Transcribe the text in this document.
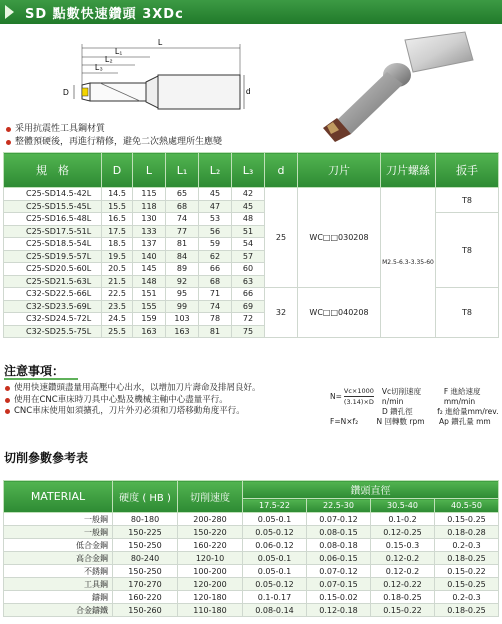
SD 點數快速鑽頭 3XDc
L
L₁
L₂
L₃
D	d
采用抗震性工具鋼材質
整體預硬後，再進行精修，避免二次熱處理所生應變
規　格	D	L	L₁	L₂	L₃	d	刀片	刀片螺絲	扳手
C25-SD14.5-42L	14.5	115	65	45	42	25	WC□□030208	M2.5-6.3-3.35-60	T8
C25-SD15.5-45L	15.5	118	68	47	45				
C25-SD16.5-48L	16.5	130	74	53	48				T8
C25-SD17.5-51L	17.5	133	77	56	51				
C25-SD18.5-54L	18.5	137	81	59	54				
C25-SD19.5-57L	19.5	140	84	62	57				
C25-SD20.5-60L	20.5	145	89	66	60				
C25-SD21.5-63L	21.5	148	92	68	63				
C32-SD22.5-66L	22.5	151	95	71	66	32	WC□□040208		T8
C32-SD23.5-69L	23.5	155	99	74	69				
C32-SD24.5-72L	24.5	159	103	78	72				
C32-SD25.5-75L	25.5	163	163	81	75				
注意事項：
使用快速鑽頭盡量用高壓中心出水，以增加刀片壽命及排屑良好。
使用在CNC車床時刀具中心點及機械主軸中心盡量平行。
CNC車床使用如須擴孔，刀片外刃必須和刀塔移動角度平行。
$N= \frac{Vc\times 1000}{(3.14)\times D}$ Vc切削速度 n/min
F 進給速度mm/min
D 鑽孔徑	f₂ 進給量mm/rev.
F=N×f₂ N 回轉數 rpm Ap 鑽孔量 mm
切削參數參考表
MATERIAL	硬度 ( HB )	切削速度	鑽頭直徑			
			17.5-22	22.5-30	30.5-40	40.5-50
一般鋼	80-180	200-280	0.05-0.1	0.07-0.12	0.1-0.2	0.15-0.25
一般鋼	150-225	150-220	0.05-0.12	0.08-0.15	0.12-0.25	0.18-0.28
低合金鋼	150-250	160-220	0.06-0.12	0.08-0.18	0.15-0.3	0.2-0.3
高合金鋼	80-240	120-10	0.05-0.1	0.06-0.15	0.12-0.2	0.18-0.25
不銹鋼	150-250	100-200	0.05-0.1	0.07-0.12	0.12-0.2	0.15-0.22
工具鋼	170-270	120-200	0.05-0.12	0.07-0.15	0.12-0.22	0.15-0.25
鑄鋼	160-220	120-180	0.1-0.17	0.15-0.02	0.18-0.25	0.2-0.3
合金鑄鐵	150-260	110-180	0.08-0.14	0.12-0.18	0.15-0.22	0.18-0.25
